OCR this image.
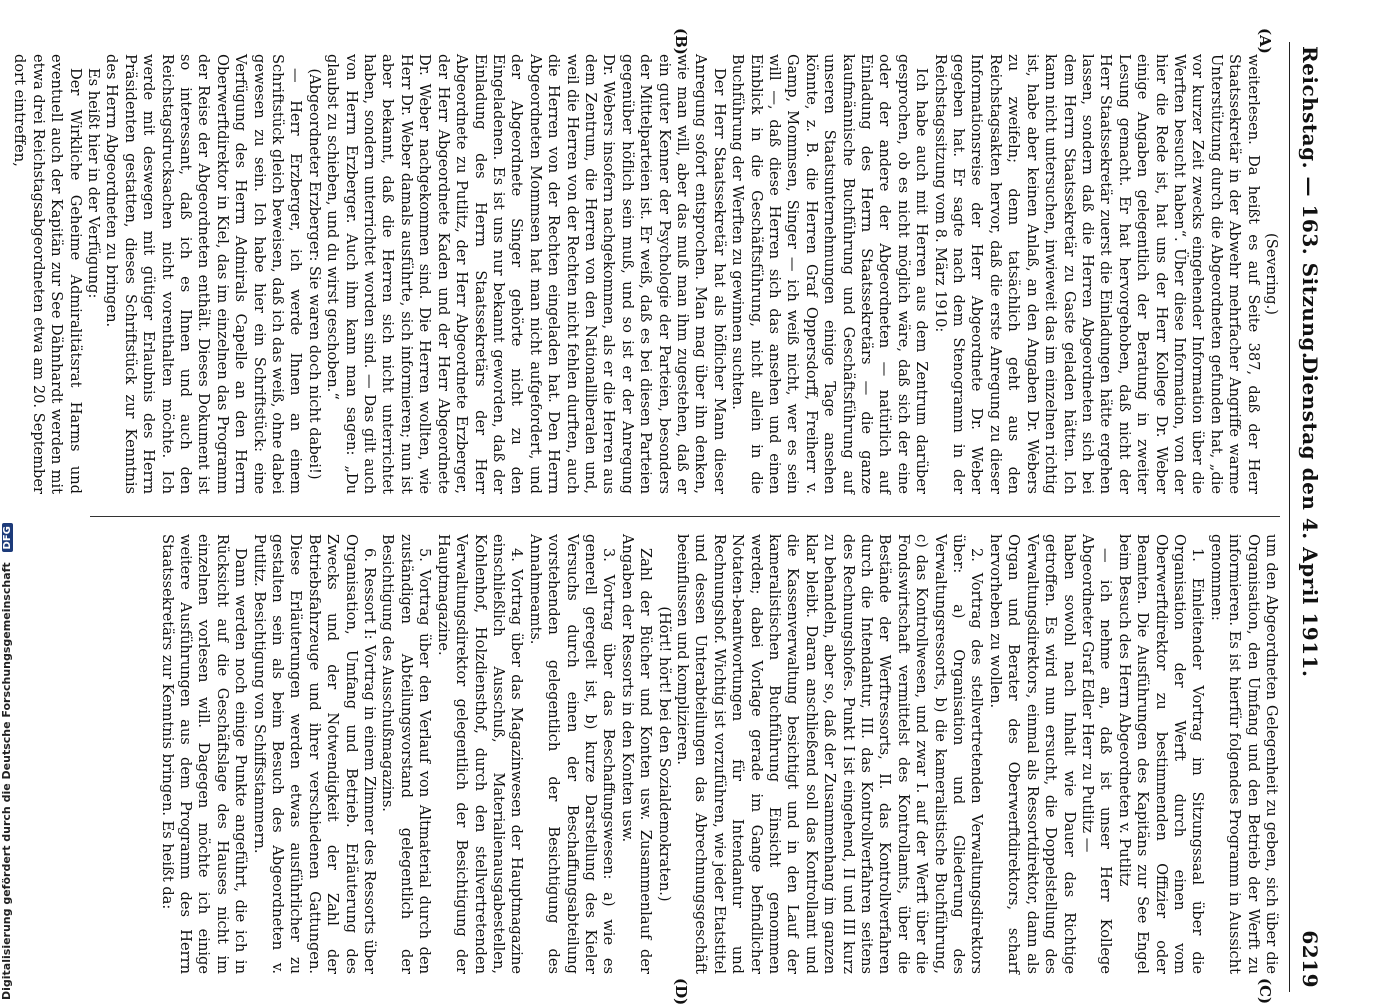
Reichstag. — 163. Sitzung.
Dienstag den 4. April 1911.
6219
(A)
(B)
(C)
(D)

(Severing.)

weiterlesen. Da heißt es auf Seite 387, daß der Herr Staatssekretär in der Abwehr mehrfacher Angriffe warme Unterstützung durch die Abgeordneten gefunden hat, „die vor kurzer Zeit zwecks eingehender Information über die Werften besucht haben“. Über diese Information, von der hier die Rede ist, hat uns der Herr Kollege Dr. Weber einige Angaben gelegentlich der Beratung in zweiter Lesung gemacht. Er hat hervorgehoben, daß nicht der Herr Staatssekretär zuerst die Einladungen hätte ergehen lassen, sondern daß die Herren Abgeordneten sich bei dem Herrn Staatssekretär zu Gaste geladen hätten. Ich kann nicht untersuchen, inwieweit das im einzelnen richtig ist, habe aber keinen Anlaß, an den Angaben Dr. Webers zu zweifeln; denn tatsächlich geht aus den Reichstagsakten hervor, daß die erste Anregung zu dieser Informationsreise der Herr Abgeordnete Dr. Weber gegeben hat. Er sagte nach dem Stenogramm in der Reichstagssitzung vom 8. März 1910:

Ich habe auch mit Herren aus dem Zentrum darüber gesprochen, ob es nicht möglich wäre, daß sich der eine oder der andere der Abgeordneten — natürlich auf Einladung des Herrn Staatssekretärs — die ganze kaufmännische Buchführung und Geschäftsführung auf unseren Staatsunternehmungen einige Tage ansehen könnte, z. B. die Herren Graf Oppersdorff, Freiherr v. Gamp, Mommsen, Singer — ich weiß nicht, wer es sein will —, daß diese Herren sich das ansehen und einen Einblick in die Geschäftsführung, nicht allein in die Buchführung der Werften zu gewinnen suchten.

Der Herr Staatssekretär hat als höflicher Mann dieser Anregung sofort entsprochen. Man mag über ihn denken, wie man will, aber das muß man ihm zugestehen, daß er ein guter Kenner der Psychologie der Parteien, besonders der Mittelparteien ist. Er weiß, daß es bei diesen Parteien gegenüber höflich sein muß, und so ist er der Anregung Dr. Webers insofern nachgekommen, als er die Herren aus dem Zentrum, die Herren von den Nationalliberalen und, weil die Herren von der Rechten nicht fehlen durften, auch die Herren von der Rechten eingeladen hat. Den Herrn Abgeordneten Mommsen hat man nicht aufgefordert, und der Abgeordnete Singer gehörte nicht zu den Eingeladenen. Es ist uns nur bekannt geworden, daß der Einladung des Herrn Staatssekretärs der Herr Abgeordnete zu Putlitz, der Herr Abgeordnete Erzberger, der Herr Abgeordnete Kaden und der Herr Abgeordnete Dr. Weber nachgekommen sind. Die Herren wollten, wie Herr Dr. Weber damals ausführte, sich informieren; nun ist aber bekannt, daß die Herren sich nicht unterrichtet haben, sondern unterrichtet worden sind. — Das gilt auch von Herrn Erzberger. Auch ihm kann man sagen: „Du glaubst zu schieben, und du wirst geschoben.“

(Abgeordneter Erzberger: Sie waren doch nicht dabei!)

— Herr Erzberger, ich werde Ihnen an einem Schriftstück gleich beweisen, daß ich das weiß, ohne dabei gewesen zu sein. Ich habe hier ein Schriftstück: eine Verfügung des Herrn Admirals Capelle an den Herrn Oberwerftdirektor in Kiel, das im einzelnen das Programm der Reise der Abgeordneten enthält. Dieses Dokument ist so interessant, daß ich es Ihnen und auch den Reichstagsdrucksachen nicht vorenthalten möchte. Ich werde mit deswegen mit gütiger Erlaubnis des Herrn Präsidenten gestatten, dieses Schriftstück zur Kenntnis des Herrn Abgeordneten zu bringen.

Es heißt hier in der Verfügung:

Der Wirkliche Geheime Admiralitätsrat Harms und eventuell auch der Kapitän zur See Dähnhardt werden mit etwa drei Reichstagsabgeordneten etwa am 20. September dort eintreffen,

um den Abgeordneten Gelegenheit zu geben, sich über die Organisation, den Umfang und den Betrieb der Werft zu informieren. Es ist hierfür folgendes Programm in Aussicht genommen:

1. Einleitender Vortrag im Sitzungssaal über die Organisation der Werft durch einen vom Oberwerftdirektor zu bestimmenden Offizier oder Beamten. Die Ausführungen des Kapitäns zur See Engel beim Besuch des Herrn Abgeordneten v. Putlitz

— ich nehme an, daß ist unser Herr Kollege Abgeordneter Graf Edler Herr zu Putlitz —

haben sowohl nach Inhalt wie Dauer das Richtige getroffen. Es wird nun ersucht, die Doppelstellung des Verwaltungsdirektors, einmal als Ressortdirektor, dann als Organ und Berater des Oberwerftdirektors, scharf hervorheben zu wollen.

2. Vortrag des stellvertretenden Verwaltungsdirektors über: a) Organisation und Gliederung des Verwaltungsressorts, b) die kameralistische Buchführung, c) das Kontrollwesen, und zwar I. auf der Werft über die Fondswirtschaft vermittelst des Kontrollamts, über die Bestände der Werftressorts, II. das Kontrollverfahren durch die Intendantur, III. das Kontrollverfahren seitens des Rechnungshofes. Punkt I ist eingehend, II und III kurz zu behandeln, aber so, daß der Zusammenhang im ganzen klar bleibt. Daran anschließend soll das Kontrollamt und die Kassenverwaltung besichtigt und in den Lauf der kameralistischen Buchführung Einsicht genommen werden; dabei Vorlage gerade im Gange befindlicher Notaten-beantwortungen für Intendantur und Rechnungshof. Wichtig ist vorzuführen, wie jeder Etatstitel und dessen Unterabteilungen das Abrechnungsgeschäft beeinflussen und komplizieren.

(Hört! hört! bei den Sozialdemokraten.)

Zahl der Bücher und Konten usw. Zusammenlauf der Angaben der Ressorts in den Konten usw.

3. Vortrag über das Beschaffungswesen: a) wie es generell geregelt ist, b) kurze Darstellung des Kieler Versuchs durch einen der Beschaffungsabteilung vorstehenden gelegentlich der Besichtigung des Annahmeamts.

4. Vortrag über das Magazinwesen der Hauptmagazine einschließlich Ausschuß, Materialienausgabestellen, Kohlenhof, Holzdiensthof, durch den stellvertretenden Verwaltungsdirektor gelegentlich der Besichtigung der Hauptmagazine.

5. Vortrag über den Verlauf von Altmaterial durch den zuständigen Abteilungsvorstand gelegentlich der Besichtigung des Ausschußmagazins.

6. Ressort I: Vortrag in einem Zimmer des Ressorts über Organisation, Umfang und Betrieb. Erläuterung des Zwecks und der Notwendigkeit der Zahl der Betriebsfahrzeuge und ihrer verschiedenen Gattungen. Diese Erläuterungen werden etwas ausführlicher zu gestalten sein als beim Besuch des Abgeordneten v. Putlitz. Besichtigung von Schiffsstammern.

Dann werden noch einige Punkte angeführt, die ich in Rücksicht auf die Geschäftslage des Hauses nicht im einzelnen vorlesen will. Dagegen möchte ich einige weitere Ausführungen aus dem Programm des Herrn Staatssekretärs zur Kenntnis bringen. Es heißt da:

Digitalisierung gefördert durch die Deutsche Forschungsgemeinschaft DFG
